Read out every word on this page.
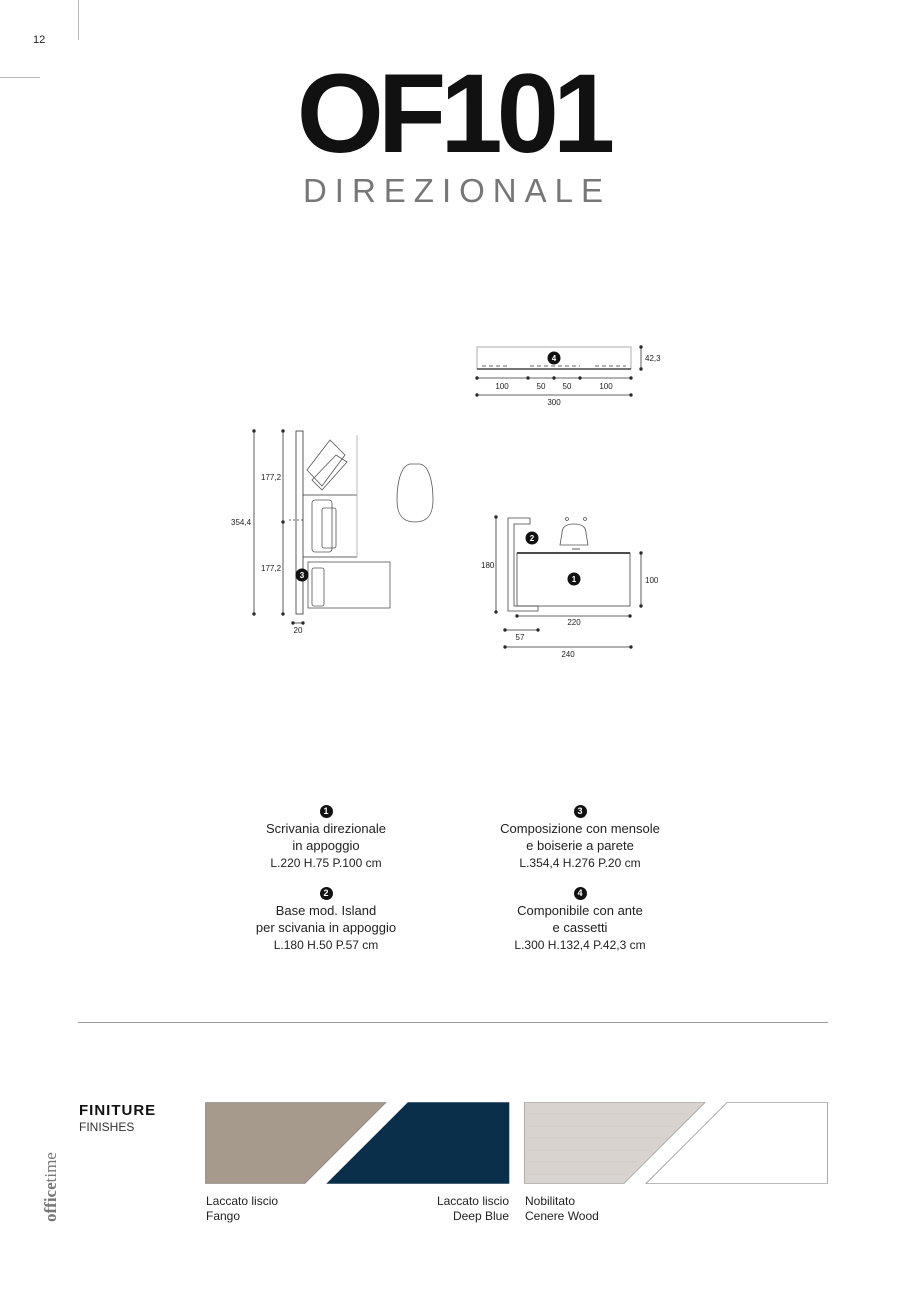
12
OF101
DIREZIONALE
4	42,3
100	50 50	100
300
354,4
177,2
177,2
3
20
180
2
1	100
220
57
240
1
Scrivania direzionale
in appoggio
L.220 H.75 P.100 cm
3
Composizione con mensole
e boiserie a parete
L.354,4 H.276 P.20 cm
2
Base mod. Island
per scivania in appoggio
L.180 H.50 P.57 cm
4
Componibile con ante
e cassetti
L.300 H.132,4 P.42,3 cm
FINITURE
FINISHES
Laccato liscio
Fango
Laccato liscio
Deep Blue
Nobilitato
Cenere Wood
officetime
